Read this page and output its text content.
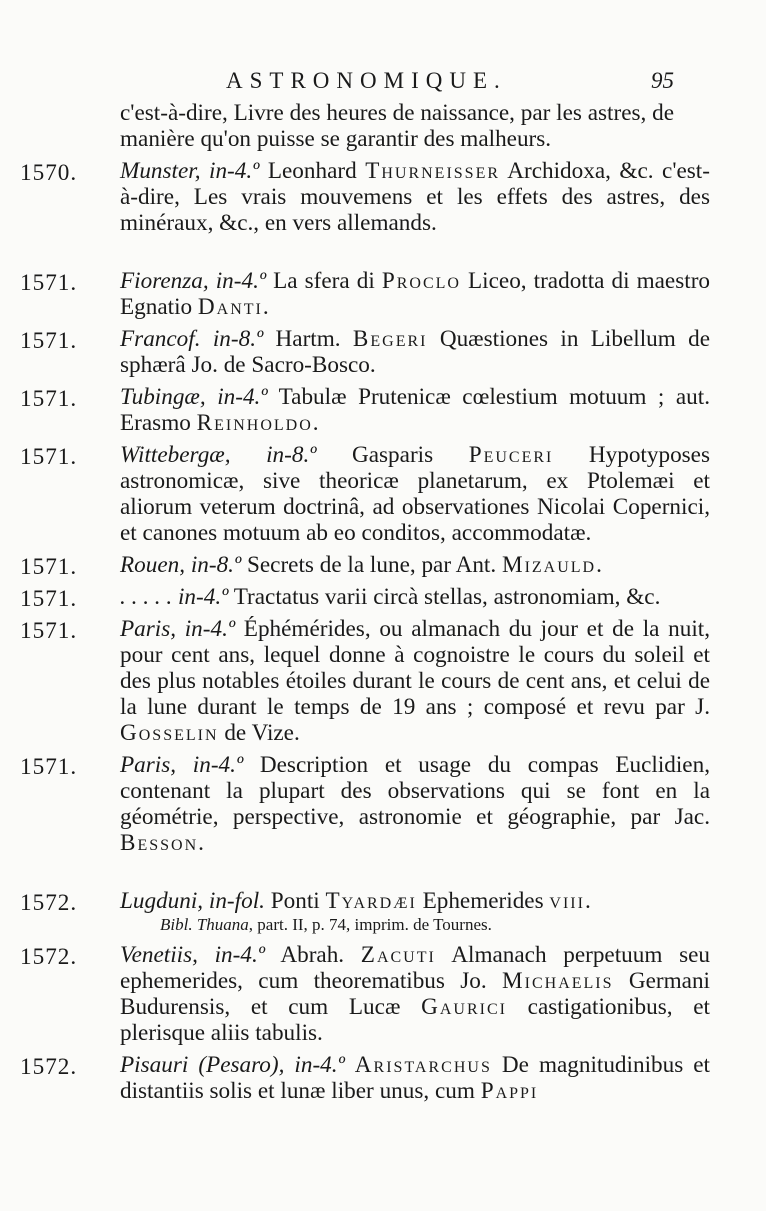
ASTRONOMIQUE.	95
c'est-à-dire, Livre des heures de naissance, par les astres, de manière qu'on puisse se garantir des malheurs.
1570.	Munster, in-4.º Leonhard Thurneisser Archidoxa, &c. c'est-à-dire, Les vrais mouvemens et les effets des astres, des minéraux, &c., en vers allemands.
1571.	Fiorenza, in-4.º La sfera di Proclo Liceo, tradotta di maestro Egnatio Danti.
1571.	Francof. in-8.º Hartm. Begeri Quæstiones in Libellum de sphærâ Jo. de Sacro-Bosco.
1571.	Tubingæ, in-4.º Tabulæ Prutenicæ cœlestium motuum ; aut. Erasmo Reinholdo.
1571.	Wittebergæ, in-8.º Gasparis Peuceri Hypotyposes astronomicæ, sive theoricæ planetarum, ex Ptolemæi et aliorum veterum doctrinâ, ad observationes Nicolai Copernici, et canones motuum ab eo conditos, accommodatæ.
1571.	Rouen, in-8.º Secrets de la lune, par Ant. Mizauld.
1571.	. . . . . in-4.º Tractatus varii circà stellas, astronomiam, &c.
1571.	Paris, in-4.º Éphémérides, ou almanach du jour et de la nuit, pour cent ans, lequel donne à cognoistre le cours du soleil et des plus notables étoiles durant le cours de cent ans, et celui de la lune durant le temps de 19 ans ; composé et revu par J. Gosselin de Vize.
1571.	Paris, in-4.º Description et usage du compas Euclidien, contenant la plupart des observations qui se font en la géométrie, perspective, astronomie et géographie, par Jac. Besson.
1572.	Lugduni, in-fol. Ponti Tyardæi Ephemerides viii.
Bibl. Thuana, part. II, p. 74, imprim. de Tournes.
1572.	Venetiis, in-4.º Abrah. Zacuti Almanach perpetuum seu ephemerides, cum theorematibus Jo. Michaelis Germani Budurensis, et cum Lucæ Gaurici castigationibus, et plerisque aliis tabulis.
1572.	Pisauri (Pesaro), in-4.º Aristarchus De magnitudinibus et distantiis solis et lunæ liber unus, cum Pappi
